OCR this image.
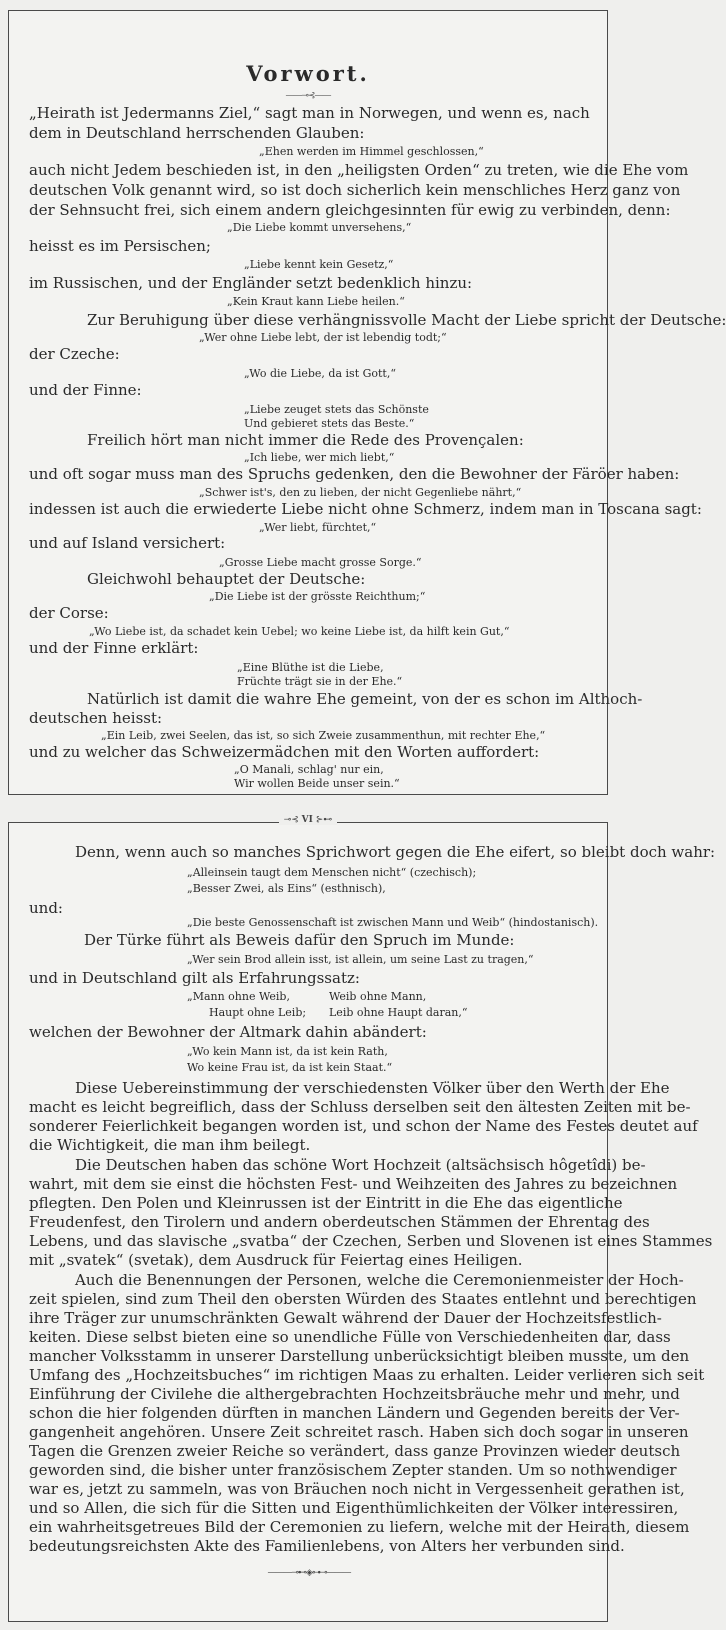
Vorwort.
——⊸⊰——
„Heirath ist Jedermanns Ziel,“ sagt man in Norwegen, und wenn es, nach
dem in Deutschland herrschenden Glauben:
„Ehen werden im Himmel geschlossen,“
auch nicht Jedem beschieden ist, in den „heiligsten Orden“ zu treten, wie die Ehe vom
deutschen Volk genannt wird, so ist doch sicherlich kein menschliches Herz ganz von
der Sehnsucht frei, sich einem andern gleichgesinnten für ewig zu verbinden, denn:
„Die Liebe kommt unversehens,“
heisst es im Persischen;
„Liebe kennt kein Gesetz,“
im Russischen, und der Engländer setzt bedenklich hinzu:
„Kein Kraut kann Liebe heilen.“
Zur Beruhigung über diese verhängnissvolle Macht der Liebe spricht der Deutsche:
„Wer ohne Liebe lebt, der ist lebendig todt;“
der Czeche:
„Wo die Liebe, da ist Gott,“
und der Finne:
„Liebe zeuget stets das Schönste
Und gebieret stets das Beste.“
Freilich hört man nicht immer die Rede des Provençalen:
„Ich liebe, wer mich liebt,“
und oft sogar muss man des Spruchs gedenken, den die Bewohner der Färöer haben:
„Schwer ist's, den zu lieben, der nicht Gegenliebe nährt,“
indessen ist auch die erwiederte Liebe nicht ohne Schmerz, indem man in Toscana sagt:
„Wer liebt, fürchtet,“
und auf Island versichert:
„Grosse Liebe macht grosse Sorge.“
Gleichwohl behauptet der Deutsche:
„Die Liebe ist der grösste Reichthum;“
der Corse:
„Wo Liebe ist, da schadet kein Uebel; wo keine Liebe ist, da hilft kein Gut,“
und der Finne erklärt:
„Eine Blüthe ist die Liebe,
Früchte trägt sie in der Ehe.“
Natürlich ist damit die wahre Ehe gemeint, von der es schon im Althoch-
deutschen heisst:
„Ein Leib, zwei Seelen, das ist, so sich Zweie zusammenthun, mit rechter Ehe,“
und zu welcher das Schweizermädchen mit den Worten auffordert:
„O Manali, schlag' nur ein,
Wir wollen Beide unser sein.“
⊸⊰ VI ⊱⊷
Denn, wenn auch so manches Sprichwort gegen die Ehe eifert, so bleibt doch wahr:
„Alleinsein taugt dem Menschen nicht“ (czechisch);
„Besser Zwei, als Eins“ (esthnisch),
und:
„Die beste Genossenschaft ist zwischen Mann und Weib“ (hindostanisch).
Der Türke führt als Beweis dafür den Spruch im Munde:
„Wer sein Brod allein isst, ist allein, um seine Last zu tragen,“
und in Deutschland gilt als Erfahrungssatz:
„Mann ohne Weib,	Weib ohne Mann,
Haupt ohne Leib; Leib ohne Haupt daran,“
welchen der Bewohner der Altmark dahin abändert:
„Wo kein Mann ist, da ist kein Rath,
Wo keine Frau ist, da ist kein Staat.“
Diese Uebereinstimmung der verschiedensten Völker über den Werth der Ehe
macht es leicht begreiflich, dass der Schluss derselben seit den ältesten Zeiten mit be-
sonderer Feierlichkeit begangen worden ist, und schon der Name des Festes deutet auf
die Wichtigkeit, die man ihm beilegt.
Die Deutschen haben das schöne Wort Hochzeit (altsächsisch hôgetîdi) be-
wahrt, mit dem sie einst die höchsten Fest- und Weihzeiten des Jahres zu bezeichnen
pflegten. Den Polen und Kleinrussen ist der Eintritt in die Ehe das eigentliche
Freudenfest, den Tirolern und andern oberdeutschen Stämmen der Ehrentag des
Lebens, und das slavische „svatba“ der Czechen, Serben und Slovenen ist eines Stammes
mit „svatek“ (svetak), dem Ausdruck für Feiertag eines Heiligen.
Auch die Benennungen der Personen, welche die Ceremonienmeister der Hoch-
zeit spielen, sind zum Theil den obersten Würden des Staates entlehnt und berechtigen
ihre Träger zur unumschränkten Gewalt während der Dauer der Hochzeitsfestlich-
keiten. Diese selbst bieten eine so unendliche Fülle von Verschiedenheiten dar, dass
mancher Volksstamm in unserer Darstellung unberücksichtigt bleiben musste, um den
Umfang des „Hochzeitsbuches“ im richtigen Maas zu erhalten. Leider verlieren sich seit
Einführung der Civilehe die althergebrachten Hochzeitsbräuche mehr und mehr, und
schon die hier folgenden dürften in manchen Ländern und Gegenden bereits der Ver-
gangenheit angehören. Unsere Zeit schreitet rasch. Haben sich doch sogar in unseren
Tagen die Grenzen zweier Reiche so verändert, dass ganze Provinzen wieder deutsch
geworden sind, die bisher unter französischem Zepter standen. Um so nothwendiger
war es, jetzt zu sammeln, was von Bräuchen noch nicht in Vergessenheit gerathen ist,
und so Allen, die sich für die Sitten und Eigenthümlichkeiten der Völker interessiren,
ein wahrheitsgetreues Bild der Ceremonien zu liefern, welche mit der Heirath, diesem
bedeutungsreichsten Akte des Familienlebens, von Alters her verbunden sind.
———⊸⊷◈⊶⊸———
